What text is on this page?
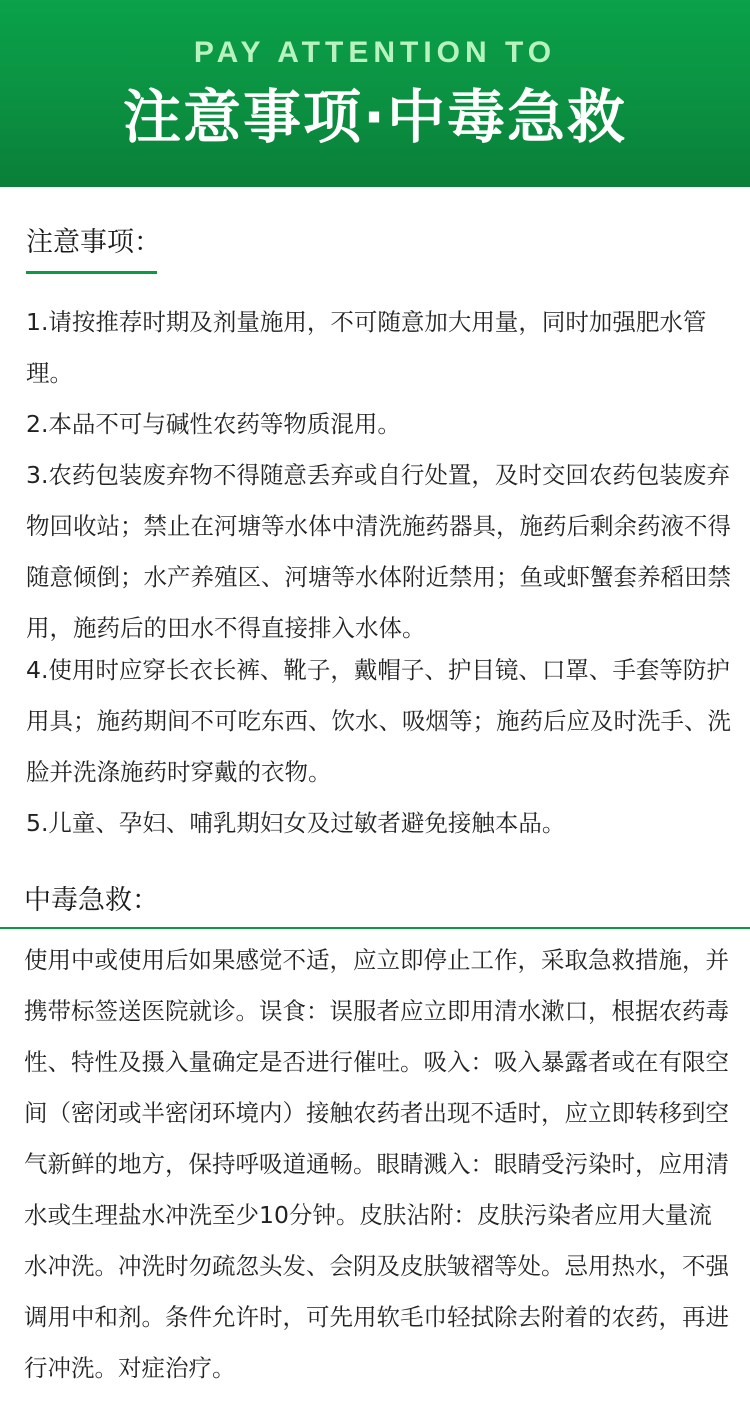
PAY ATTENTION TO

注意事项·中毒急救

注意事项：

1.请按推荐时期及剂量施用，不可随意加大用量，同时加强肥水管理。

2.本品不可与碱性农药等物质混用。

3.农药包装废弃物不得随意丢弃或自行处置，及时交回农药包装废弃物回收站；禁止在河塘等水体中清洗施药器具，施药后剩余药液不得随意倾倒；水产养殖区、河塘等水体附近禁用；鱼或虾蟹套养稻田禁用，施药后的田水不得直接排入水体。

4.使用时应穿长衣长裤、靴子，戴帽子、护目镜、口罩、手套等防护用具；施药期间不可吃东西、饮水、吸烟等；施药后应及时洗手、洗脸并洗涤施药时穿戴的衣物。

5.儿童、孕妇、哺乳期妇女及过敏者避免接触本品。

中毒急救：

使用中或使用后如果感觉不适，应立即停止工作，采取急救措施，并携带标签送医院就诊。误食：误服者应立即用清水漱口，根据农药毒性、特性及摄入量确定是否进行催吐。吸入：吸入暴露者或在有限空间（密闭或半密闭环境内）接触农药者出现不适时，应立即转移到空气新鲜的地方，保持呼吸道通畅。眼睛溅入：眼睛受污染时，应用清水或生理盐水冲洗至少10分钟。皮肤沾附：皮肤污染者应用大量流水冲洗。冲洗时勿疏忽头发、会阴及皮肤皱褶等处。忌用热水，不强调用中和剂。条件允许时，可先用软毛巾轻拭除去附着的农药，再进行冲洗。对症治疗。
